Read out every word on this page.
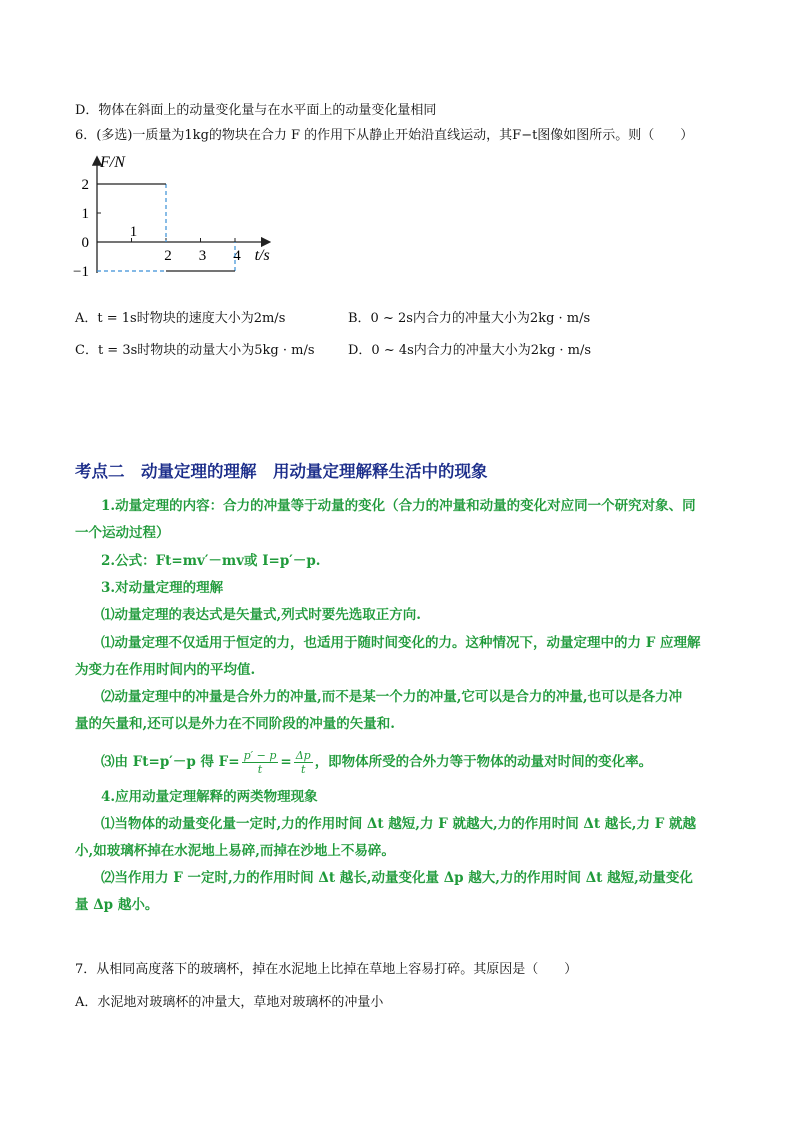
D．物体在斜面上的动量变化量与在水平面上的动量变化量相同
6．(多选)一质量为1kg的物块在合力 F 的作用下从静止开始沿直线运动，其F−t图像如图所示。则（　　）
F/N
t/s
2
1
0
−1
1
2 3 4
A．t = 1s时物块的速度大小为2m/s	B．0 ~ 2s内合力的冲量大小为2kg · m/s
C．t = 3s时物块的动量大小为5kg · m/s	D．0 ~ 4s内合力的冲量大小为2kg · m/s
考点二　动量定理的理解　用动量定理解释生活中的现象
1.动量定理的内容：合力的冲量等于动量的变化（合力的冲量和动量的变化对应同一个研究对象、同
一个运动过程）
2.公式：Ft=mv′－mv或 I=p′－p.
3.对动量定理的理解
⑴动量定理的表达式是矢量式,列式时要先选取正方向.
⑴动量定理不仅适用于恒定的力，也适用于随时间变化的力。这种情况下，动量定理中的力 F 应理解
为变力在作用时间内的平均值.
⑵动量定理中的冲量是合外力的冲量,而不是某一个力的冲量,它可以是合力的冲量,也可以是各力冲
量的矢量和,还可以是外力在不同阶段的冲量的矢量和.
⑶由 Ft=p′－p 得 $F= \frac{p' - p}{t} = \frac{\Delta p}{t}$ ，即物体所受的合外力等于物体的动量对时间的变化率。
4.应用动量定理解释的两类物理现象
⑴当物体的动量变化量一定时,力的作用时间 Δt 越短,力 F 就越大,力的作用时间 Δt 越长,力 F 就越
小,如玻璃杯掉在水泥地上易碎,而掉在沙地上不易碎。
⑵当作用力 F 一定时,力的作用时间 Δt 越长,动量变化量 Δp 越大,力的作用时间 Δt 越短,动量变化
量 Δp 越小。
7．从相同高度落下的玻璃杯，掉在水泥地上比掉在草地上容易打碎。其原因是（　　）
A．水泥地对玻璃杯的冲量大，草地对玻璃杯的冲量小
